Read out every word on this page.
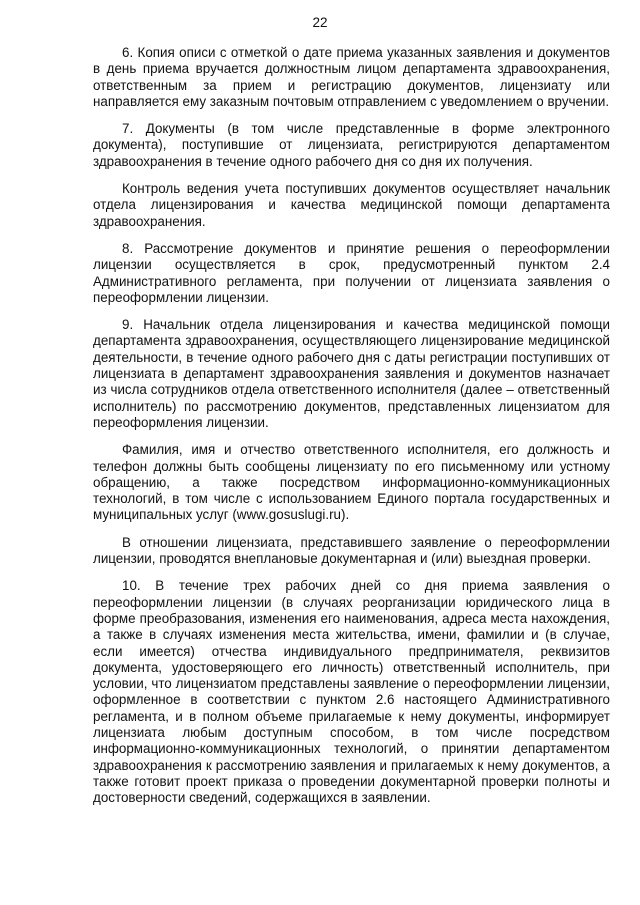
22

6. Копия описи с отметкой о дате приема указанных заявления и документов в день приема вручается должностным лицом департамента здравоохранения, ответственным за прием и регистрацию документов, лицензиату или направляется ему заказным почтовым отправлением с уведомлением о вручении.

7. Документы (в том числе представленные в форме электронного документа), поступившие от лицензиата, регистрируются департаментом здравоохранения в течение одного рабочего дня со дня их получения.

Контроль ведения учета поступивших документов осуществляет начальник отдела лицензирования и качества медицинской помощи департамента здравоохранения.

8. Рассмотрение документов и принятие решения о переоформлении лицензии осуществляется в срок, предусмотренный пунктом 2.4 Административного регламента, при получении от лицензиата заявления о переоформлении лицензии.

9. Начальник отдела лицензирования и качества медицинской помощи департамента здравоохранения, осуществляющего лицензирование медицинской деятельности, в течение одного рабочего дня с даты регистрации поступивших от лицензиата в департамент здравоохранения заявления и документов назначает из числа сотрудников отдела ответственного исполнителя (далее – ответственный исполнитель) по рассмотрению документов, представленных лицензиатом для переоформления лицензии.

Фамилия, имя и отчество ответственного исполнителя, его должность и телефон должны быть сообщены лицензиату по его письменному или устному обращению, а также посредством информационно-коммуникационных технологий, в том числе с использованием Единого портала государственных и муниципальных услуг (www.gosuslugi.ru).

В отношении лицензиата, представившего заявление о переоформлении лицензии, проводятся внеплановые документарная и (или) выездная проверки.

10. В течение трех рабочих дней со дня приема заявления о переоформлении лицензии (в случаях реорганизации юридического лица в форме преобразования, изменения его наименования, адреса места нахождения, а также в случаях изменения места жительства, имени, фамилии и (в случае, если имеется) отчества индивидуального предпринимателя, реквизитов документа, удостоверяющего его личность) ответственный исполнитель, при условии, что лицензиатом представлены заявление о переоформлении лицензии, оформленное в соответствии с пунктом 2.6 настоящего Административного регламента, и в полном объеме прилагаемые к нему документы, информирует лицензиата любым доступным способом, в том числе посредством информационно-коммуникационных технологий, о принятии департаментом здравоохранения к рассмотрению заявления и прилагаемых к нему документов, а также готовит проект приказа о проведении документарной проверки полноты и достоверности сведений, содержащихся в заявлении.
